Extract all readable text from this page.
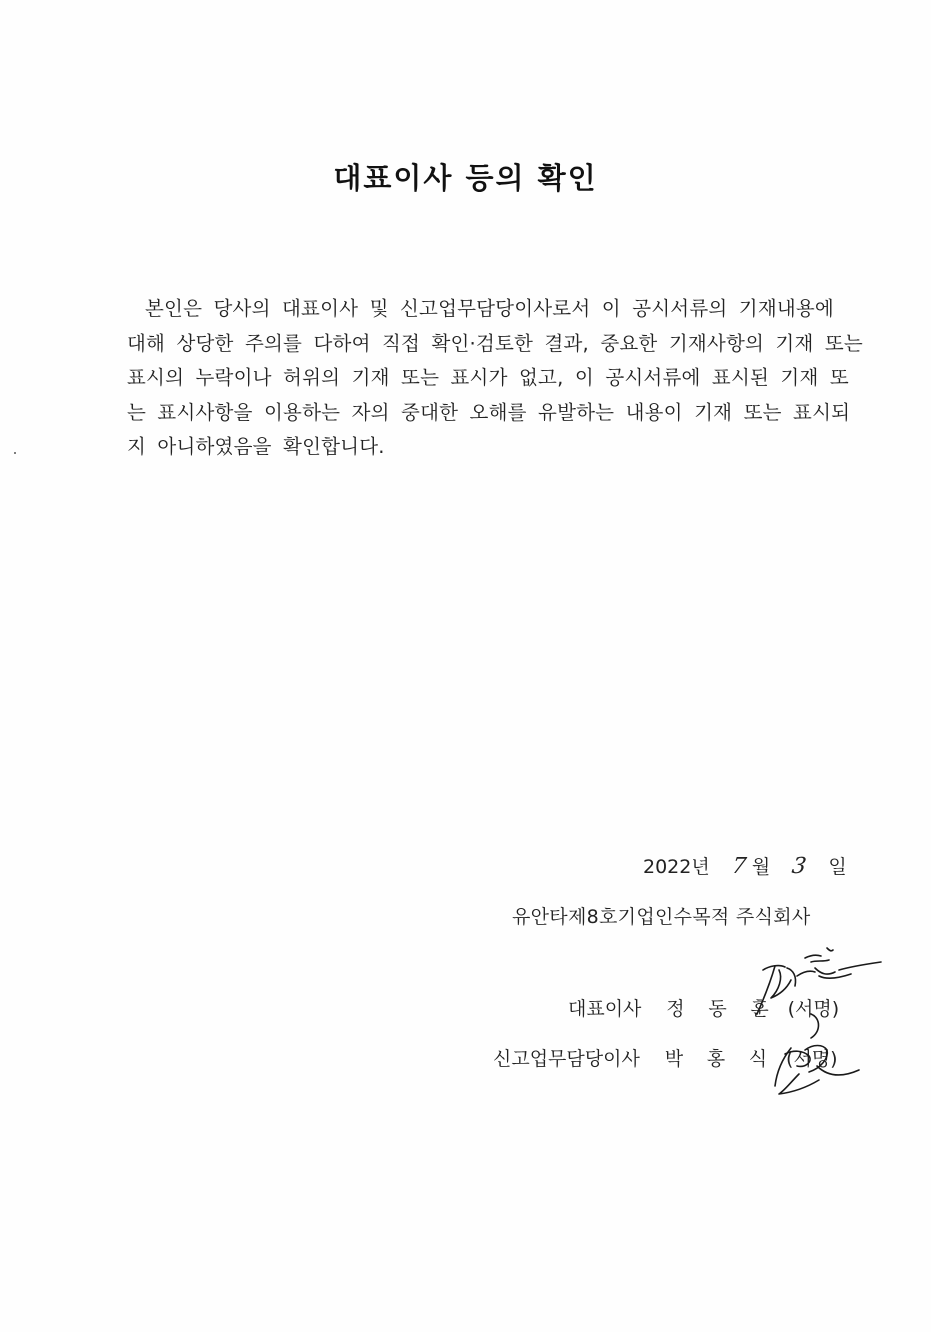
대표이사 등의 확인
본인은 당사의 대표이사 및 신고업무담당이사로서 이 공시서류의 기재내용에
대해 상당한 주의를 다하여 직접 확인·검토한 결과, 중요한 기재사항의 기재 또는
표시의 누락이나 허위의 기재 또는 표시가 없고, 이 공시서류에 표시된 기재 또
는 표시사항을 이용하는 자의 중대한 오해를 유발하는 내용이 기재 또는 표시되
지 아니하였음을 확인합니다.
2022년 7 월 3 일
유안타제8호기업인수목적 주식회사
대표이사 정 동 훈 (서명)
신고업무담당이사 박 홍 식 (서명)
